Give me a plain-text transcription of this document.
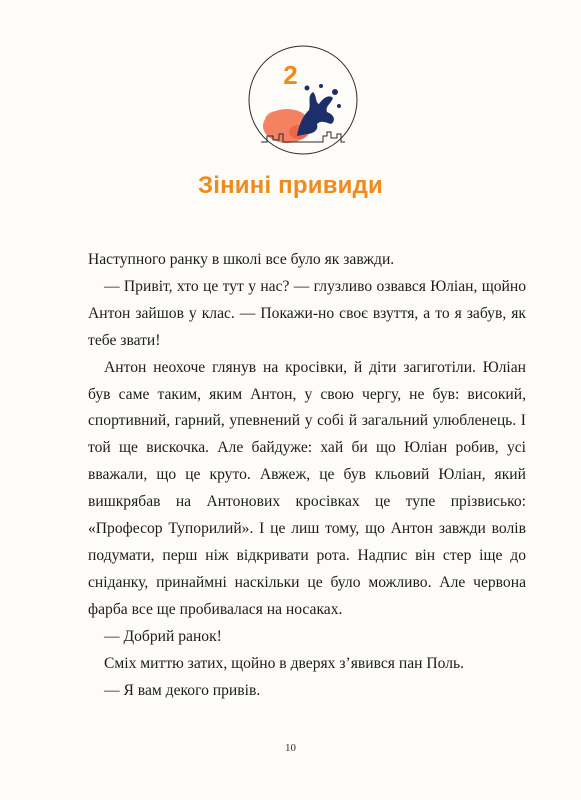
2
Зінині привиди

Наступного ранку в школі все було як завжди.

— Привіт, хто це тут у нас? — глузливо озвався Юліан, щойно Антон зайшов у клас. — Покажи-но своє взуття, а то я забув, як тебе звати!

Антон неохоче глянув на кросівки, й діти загиготіли. Юліан був саме таким, яким Антон, у свою чергу, не був: високий, спортивний, гарний, упевнений у собі й загальний улюбленець. І той ще вискочка. Але байдуже: хай би що Юліан робив, усі вважали, що це круто. Авжеж, це був кльовий Юліан, який вишкрябав на Антонових кросівках це тупе прізвисько: «Професор Тупорилий». І це лиш тому, що Антон завжди волів подумати, перш ніж відкривати рота. Надпис він стер іще до сніданку, принаймні наскільки це було можливо. Але червона фарба все ще пробивалася на носаках.

— Добрий ранок!

Сміх миттю затих, щойно в дверях з’явився пан Поль.

— Я вам декого привів.

10
